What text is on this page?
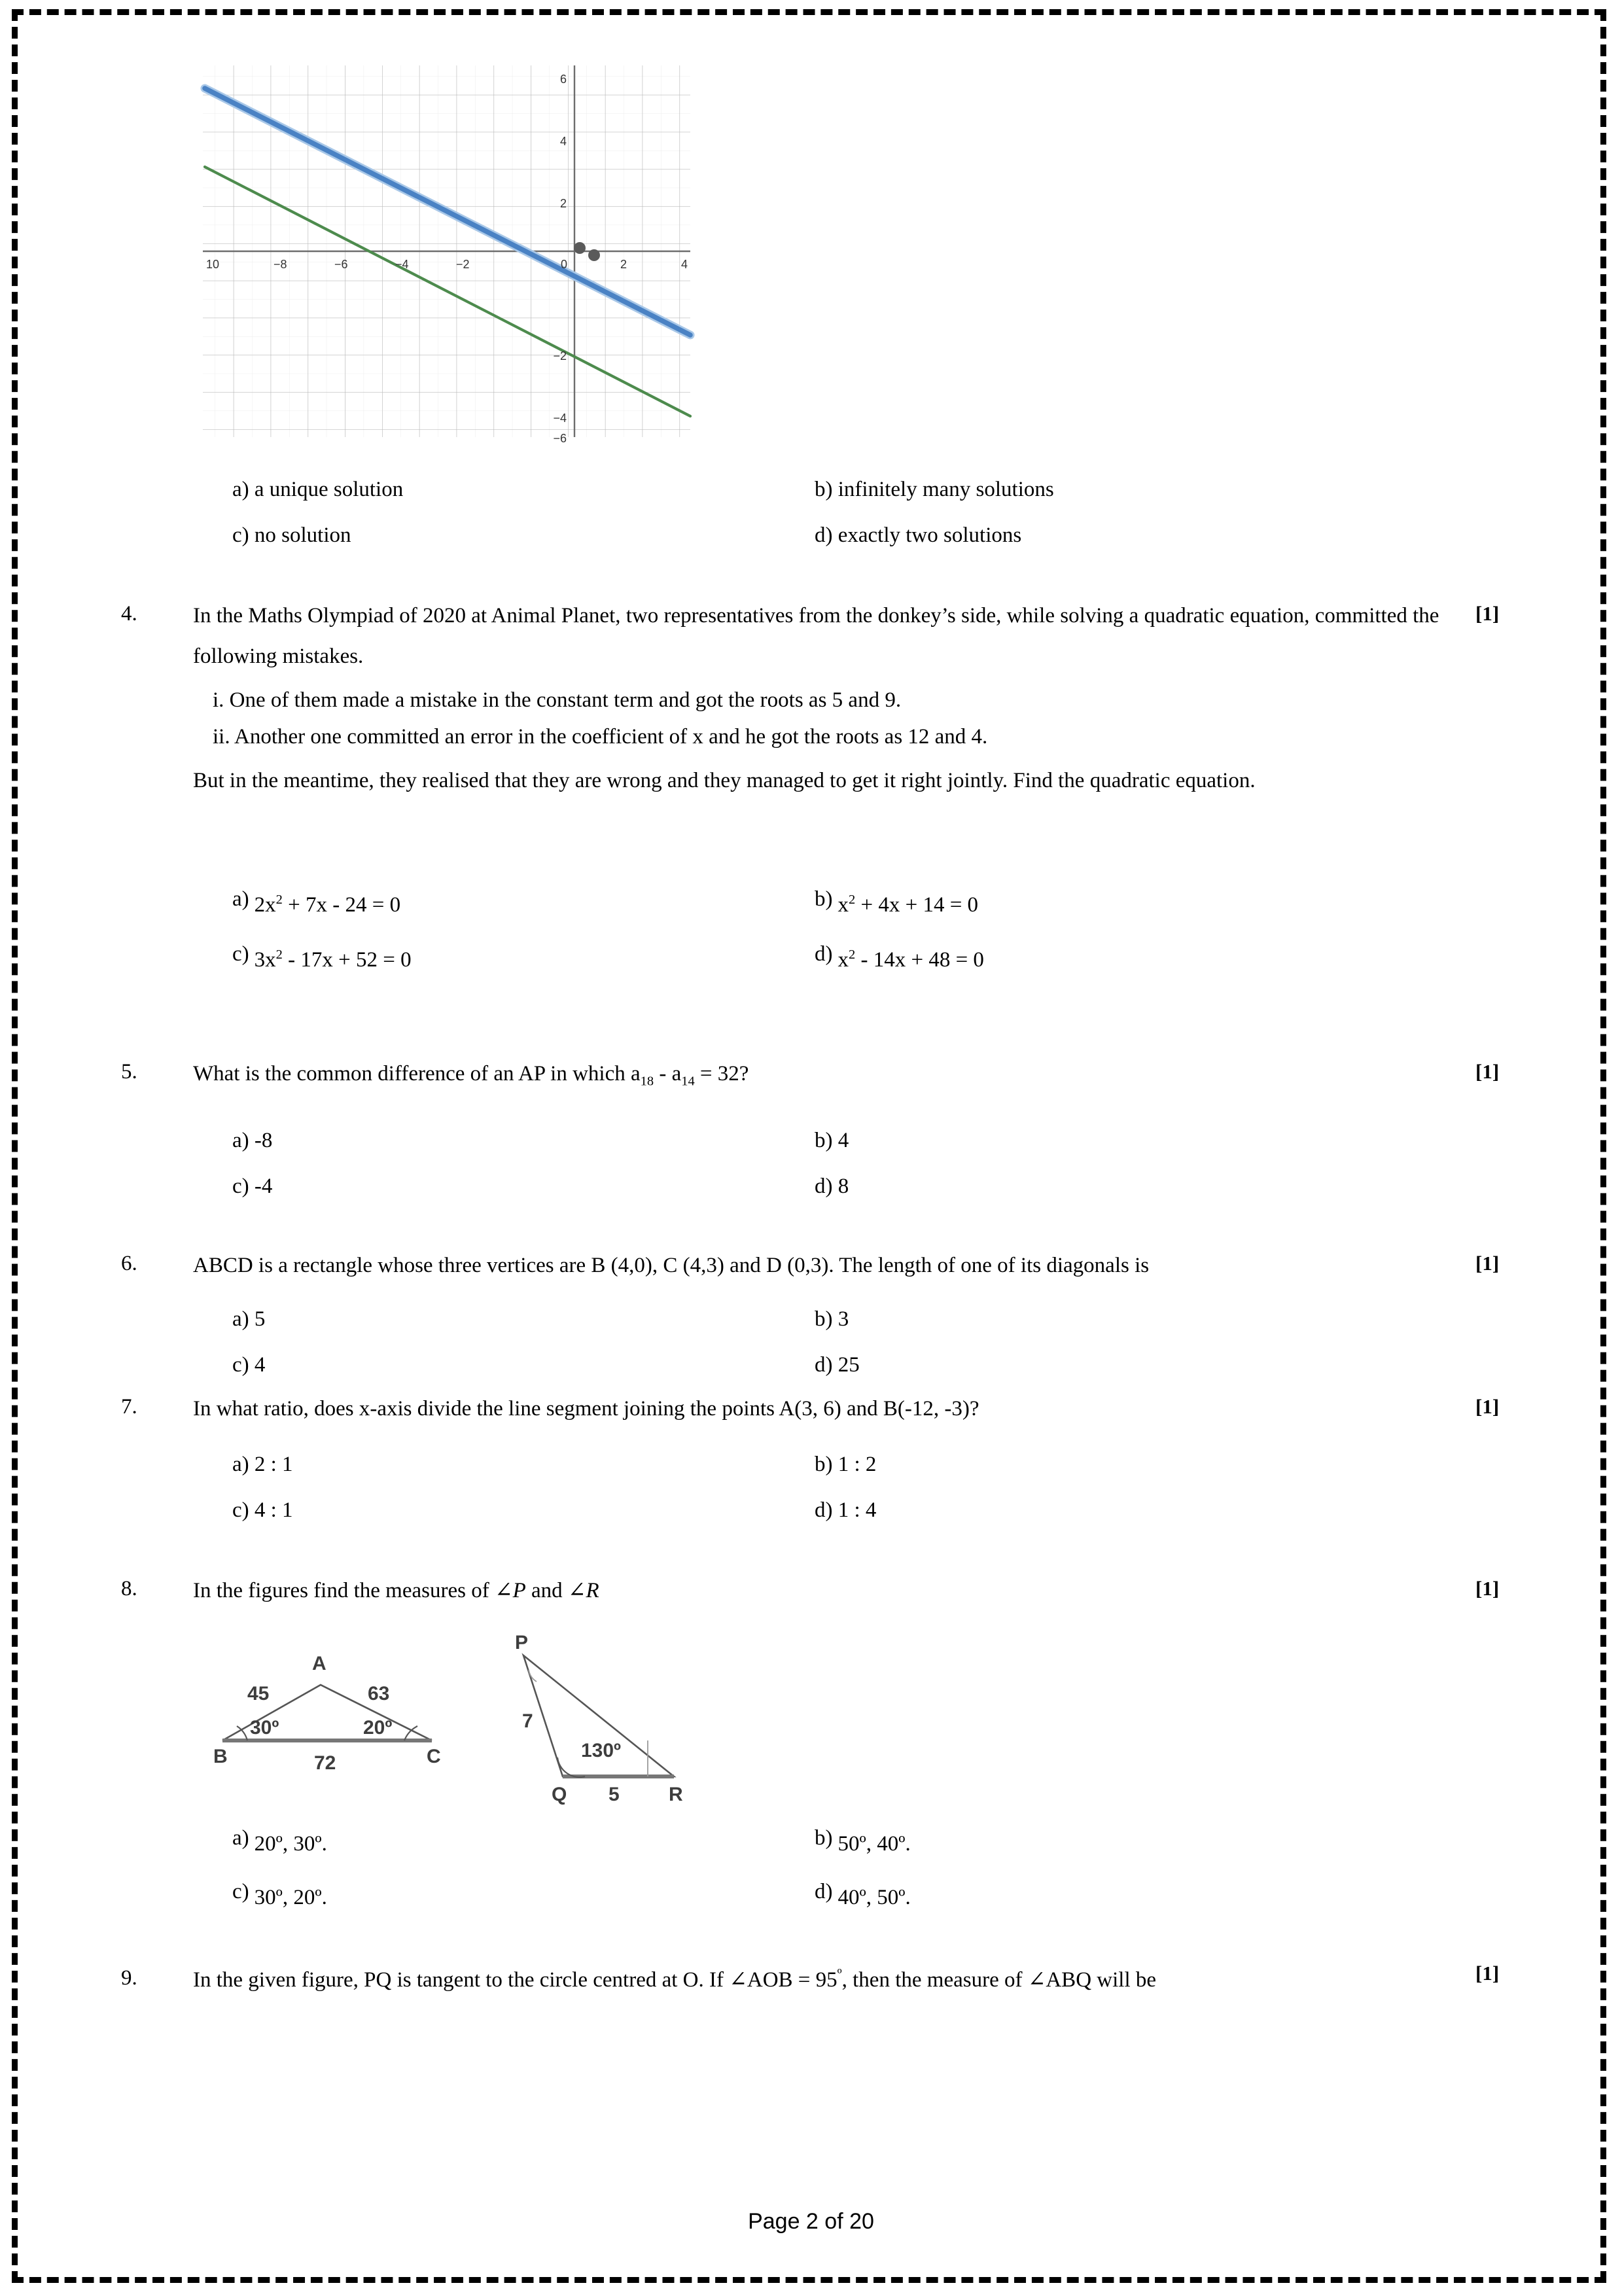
10	−8	−6	−4	−2	0	2	4
6
4
2
−2
−4
−6
a) a unique solution	b) infinitely many solutions
c) no solution	d) exactly two solutions
4.	In the Maths Olympiad of 2020 at Animal Planet, two representatives from the donkey’s side, while solving a quadratic equation, committed the following mistakes.
i. One of them made a mistake in the constant term and got the roots as 5 and 9.
ii. Another one committed an error in the coefficient of x and he got the roots as 12 and 4.
But in the meantime, they realised that they are wrong and they managed to get it right jointly. Find the quadratic equation.
[1]
a) $2x^2 + 7x - 24 = 0$	b) $x^2 + 4x + 14 = 0$
c) $3x^2 - 17x + 52 = 0$	d) $x^2 - 14x + 48 = 0$
5.	What is the common difference of an AP in which $a_{18} - a_{14} = 32$?	[1]
a) -8	b) 4
c) -4	d) 8
6.	ABCD is a rectangle whose three vertices are B (4,0), C (4,3) and D (0,3). The length of one of its diagonals is	[1]
a) 5	b) 3
c) 4	d) 25
7.	In what ratio, does x-axis divide the line segment joining the points A(3, 6) and B(-12, -3)?	[1]
a) 2 : 1	b) 1 : 2
c) 4 : 1	d) 1 : 4
8.	In the figures find the measures of ∠P and ∠R	[1]
A
B	C
45	63
72
30º	20º
P
Q	R
7
5
130º
a) 20º, 30º.	b) 50º, 40º.
c) 30º, 20º.	d) 40º, 50º.
9.	In the given figure, PQ is tangent to the circle centred at O. If ∠AOB = $95^º$, then the measure of ∠ABQ will be	[1]
Page 2 of 20
